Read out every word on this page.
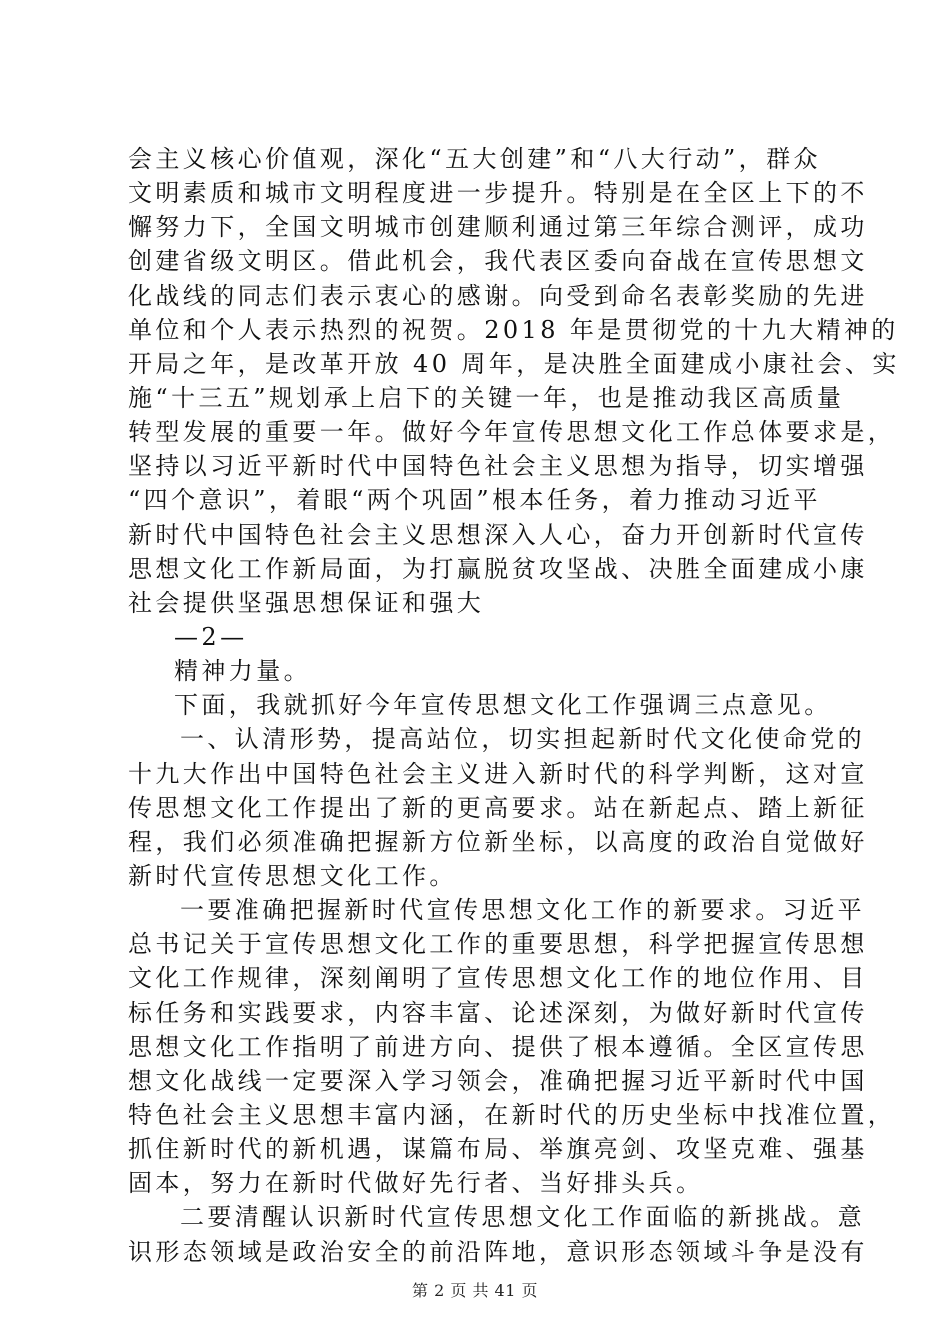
会主义核心价值观，深化“五大创建”和“八大行动”，群众
文明素质和城市文明程度进一步提升。特别是在全区上下的不
懈努力下，全国文明城市创建顺利通过第三年综合测评，成功
创建省级文明区。借此机会，我代表区委向奋战在宣传思想文
化战线的同志们表示衷心的感谢。向受到命名表彰奖励的先进
单位和个人表示热烈的祝贺。2018 年是贯彻党的十九大精神的
开局之年，是改革开放 40 周年，是决胜全面建成小康社会、实
施“十三五”规划承上启下的关键一年，也是推动我区高质量
转型发展的重要一年。做好今年宣传思想文化工作总体要求是，
坚持以习近平新时代中国特色社会主义思想为指导，切实增强
“四个意识”，着眼“两个巩固”根本任务，着力推动习近平
新时代中国特色社会主义思想深入人心，奋力开创新时代宣传
思想文化工作新局面，为打赢脱贫攻坚战、决胜全面建成小康
社会提供坚强思想保证和强大
—2—
精神力量。
下面，我就抓好今年宣传思想文化工作强调三点意见。
一、认清形势，提高站位，切实担起新时代文化使命党的
十九大作出中国特色社会主义进入新时代的科学判断，这对宣
传思想文化工作提出了新的更高要求。站在新起点、踏上新征
程，我们必须准确把握新方位新坐标，以高度的政治自觉做好
新时代宣传思想文化工作。
一要准确把握新时代宣传思想文化工作的新要求。习近平
总书记关于宣传思想文化工作的重要思想，科学把握宣传思想
文化工作规律，深刻阐明了宣传思想文化工作的地位作用、目
标任务和实践要求，内容丰富、论述深刻，为做好新时代宣传
思想文化工作指明了前进方向、提供了根本遵循。全区宣传思
想文化战线一定要深入学习领会，准确把握习近平新时代中国
特色社会主义思想丰富内涵，在新时代的历史坐标中找准位置，
抓住新时代的新机遇，谋篇布局、举旗亮剑、攻坚克难、强基
固本，努力在新时代做好先行者、当好排头兵。
二要清醒认识新时代宣传思想文化工作面临的新挑战。意
识形态领域是政治安全的前沿阵地，意识形态领域斗争是没有
第 2 页 共 41 页
